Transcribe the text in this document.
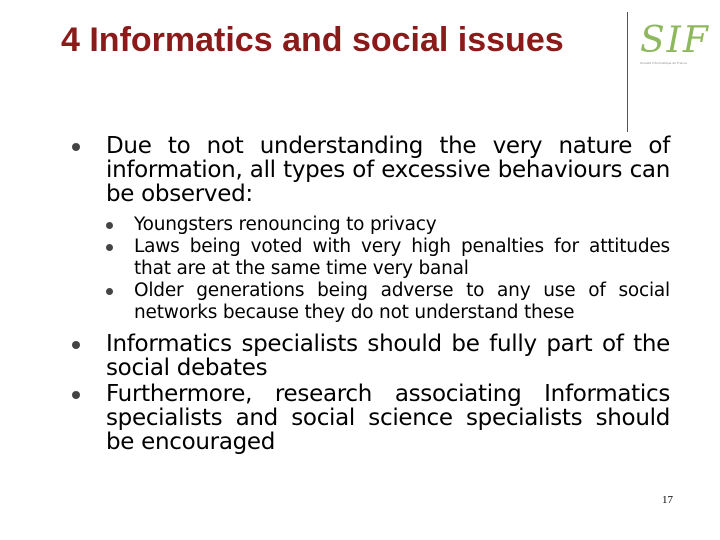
4 Informatics and social issues	SIF
Société Informatique de France
Due to not understanding the very nature of information, all types of excessive behaviours can be observed:
Youngsters renouncing to privacy
Laws being voted with very high penalties for attitudes that are at the same time very banal
Older generations being adverse to any use of social networks because they do not understand these
Informatics specialists should be fully part of the social debates
Furthermore, research associating Informatics specialists and social science specialists should be encouraged
17
